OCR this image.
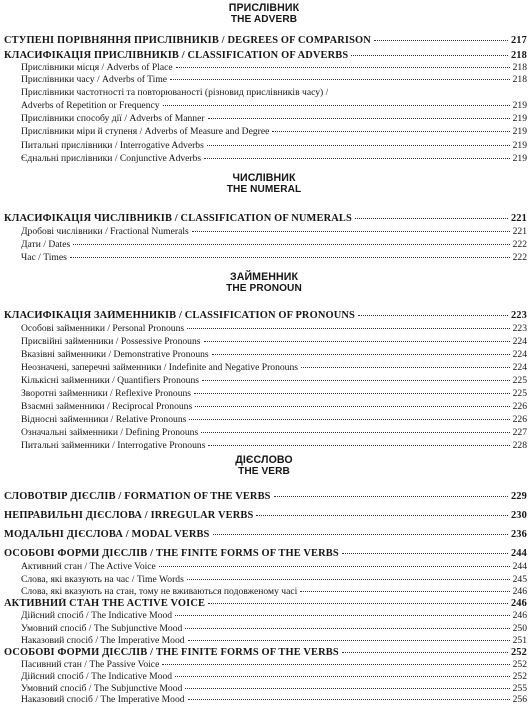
ПРИСЛІВНИК
THE ADVERB
СТУПЕНІ ПОРІВНЯННЯ ПРИСЛІВНИКІВ / DEGREES OF COMPARISON	217
КЛАСИФІКАЦІЯ ПРИСЛІВНИКІВ / CLASSIFICATION OF ADVERBS	218
Прислівники місця / Adverbs of Place	218
Прислівники часу / Adverbs of Time	218
Прислівники частотності та повторюваності (різновид прислівників часу) /
Adverbs of Repetition or Frequency	219
Прислівники способу дії / Adverbs of Manner	219
Прислівники міри й ступеня / Adverbs of Measure and Degree	219
Питальні прислівники / Interrogative Adverbs	219
Єднальні прислівники / Conjunctive Adverbs	219
ЧИСЛІВНИК
THE NUMERAL
КЛАСИФІКАЦІЯ ЧИСЛІВНИКІВ / CLASSIFICATION OF NUMERALS	221
Дробові числівники / Fractional Numerals	221
Дати / Dates	222
Час / Times	222
ЗАЙМЕННИК
THE PRONOUN
КЛАСИФІКАЦІЯ ЗАЙМЕННИКІВ / CLASSIFICATION OF PRONOUNS	223
Особові займенники / Personal Pronouns	223
Присвійні займенники / Possessive Pronouns	224
Вказівні займенники / Demonstrative Pronouns	224
Неозначені, заперечні займенники / Indefinite and Negative Pronouns	224
Кількісні займенники / Quantifiers Pronouns	225
Зворотні займенники / Reflexive Pronouns	225
Взаємні займенники / Reciprocal Pronouns	226
Відносні займенники / Relative Pronouns	226
Означальні займенники / Defining Pronouns	227
Питальні займенники / Interrogative Pronouns	228
ДІЄСЛОВО
THE VERB
СЛОВОТВІР ДІЄСЛІВ / FORMATION OF THE VERBS	229
НЕПРАВИЛЬНІ ДІЄСЛОВА / IRREGULAR VERBS	230
МОДАЛЬНІ ДІЄСЛОВА / MODAL VERBS	236
ОСОБОВІ ФОРМИ ДІЄСЛІВ / THE FINITE FORMS OF THE VERBS	244
Активний стан / The Active Voice	244
Слова, які вказують на час / Time Words	245
Слова, які вказують на стан, тому не вживаються подовженому часі	246
АКТИВНИЙ СТАН THE ACTIVE VOICE	246
Дійсний спосіб / The Indicative Mood	246
Умовний спосіб / The Subjunctive Mood	250
Наказовий спосіб / The Imperative Mood	251
ОСОБОВІ ФОРМИ ДІЄСЛІВ / THE FINITE FORMS OF THE VERBS	252
Пасивний стан / The Passive Voice	252
Дійсний спосіб / The Indicative Mood	252
Умовний спосіб / The Subjunctive Mood	255
Наказовий спосіб / The Imperative Mood	256
